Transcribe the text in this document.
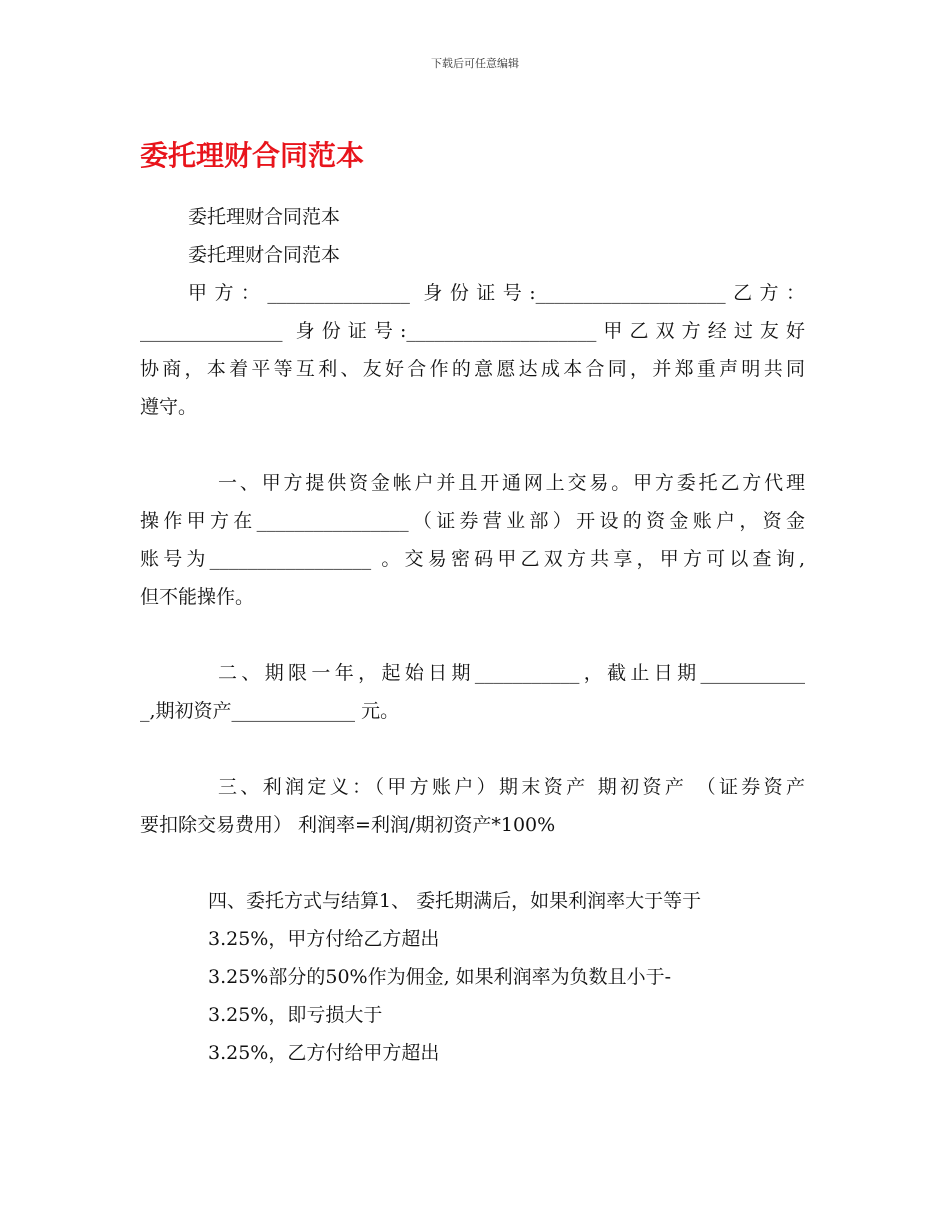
下载后可任意编辑
委托理财合同范本
委托理财合同范本
委托理财合同范本
甲方：_______________ 身份证号:____________________乙方：
_______________ 身份证号:____________________甲乙双方经过友好
协商，本着平等互利、友好合作的意愿达成本合同，并郑重声明共同
遵守。
一、甲方提供资金帐户并且开通网上交易。甲方委托乙方代理
操作甲方在________________（证券营业部）开设的资金账户，资金
账号为_________________ 。交易密码甲乙双方共享，甲方可以查询,
但不能操作。
二、期限一年，起始日期___________，截止日期___________
_,期初资产_____________ 元。
三、利润定义：（甲方账户）期末资产 期初资产 （证券资产
要扣除交易费用） 利润率=利润/期初资产*100%
四、委托方式与结算1、 委托期满后，如果利润率大于等于
3.25%，甲方付给乙方超出
3.25%部分的50%作为佣金, 如果利润率为负数且小于-
3.25%，即亏损大于
3.25%，乙方付给甲方超出
